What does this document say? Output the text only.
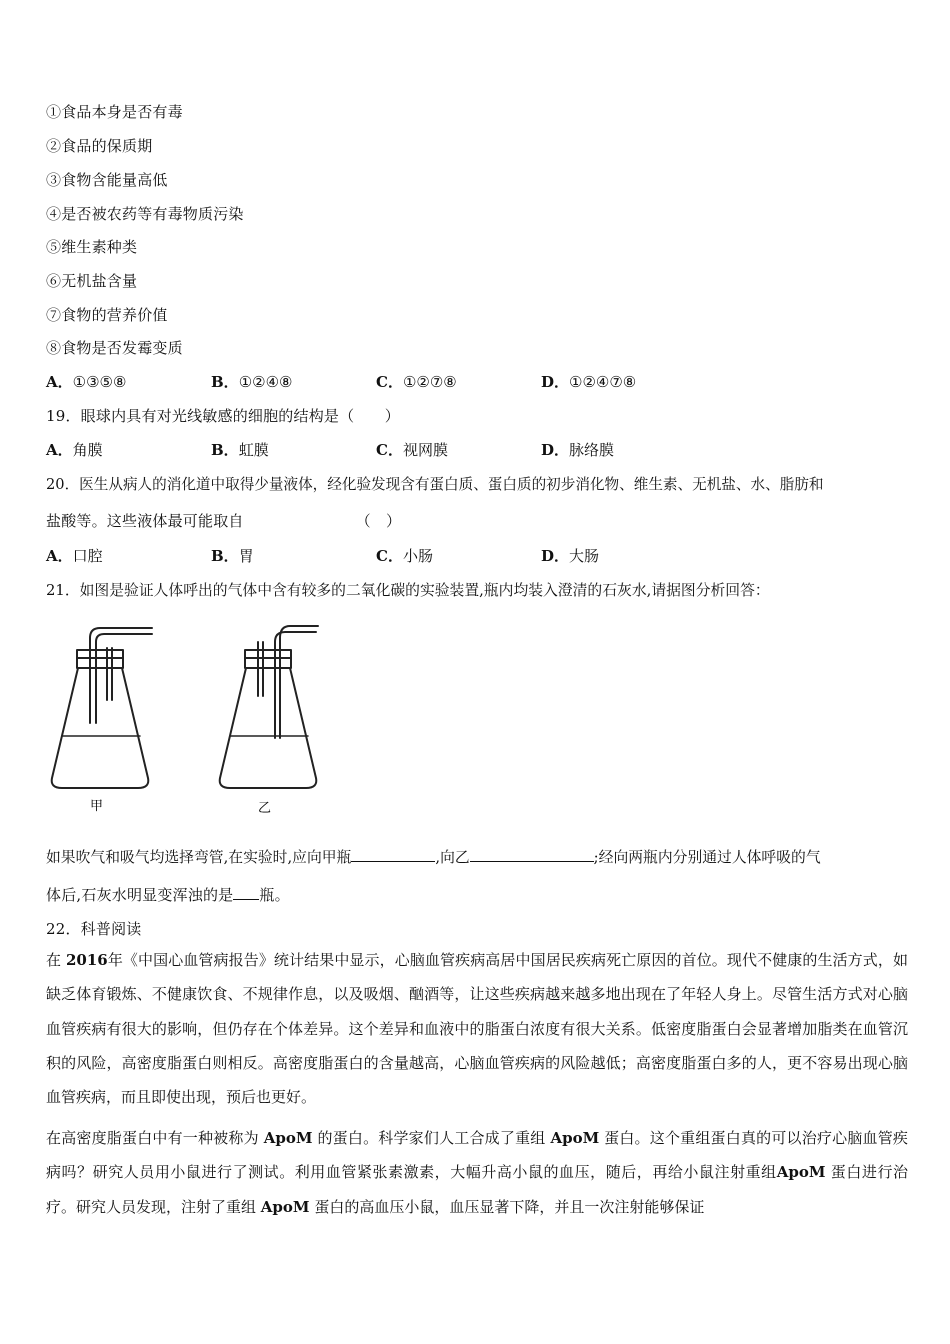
①食品本身是否有毒
②食品的保质期
③食物含能量高低
④是否被农药等有毒物质污染
⑤维生素种类
⑥无机盐含量
⑦食物的营养价值
⑧食物是否发霉变质
A．①③⑤⑧	B．①②④⑧	C．①②⑦⑧	D．①②④⑦⑧
19．眼球内具有对光线敏感的细胞的结构是（　　）
A．角膜	B．虹膜	C．视网膜	D．脉络膜
20．医生从病人的消化道中取得少量液体，经化验发现含有蛋白质、蛋白质的初步消化物、维生素、无机盐、水、脂肪和
盐酸等。这些液体最可能取自	（　）
A．口腔	B．胃	C．小肠	D．大肠
21．如图是验证人体呼出的气体中含有较多的二氧化碳的实验装置,瓶内均装入澄清的石灰水,请据图分析回答：
甲	乙
如果吹气和吸气均选择弯管,在实验时,应向甲瓶	,向乙	;经向两瓶内分别通过人体呼吸的气
体后,石灰水明显变浑浊的是 瓶。
22．科普阅读
在 2016年《中国心血管病报告》统计结果中显示，心脑血管疾病高居中国居民疾病死亡原因的首位。现代不健康的生活方式，如缺乏体育锻炼、不健康饮食、不规律作息，以及吸烟、酗酒等，让这些疾病越来越多地出现在了年轻人身上。尽管生活方式对心脑血管疾病有很大的影响，但仍存在个体差异。这个差异和血液中的脂蛋白浓度有很大关系。低密度脂蛋白会显著增加脂类在血管沉积的风险，高密度脂蛋白则相反。高密度脂蛋白的含量越高，心脑血管疾病的风险越低；高密度脂蛋白多的人，更不容易出现心脑血管疾病，而且即使出现，预后也更好。
在高密度脂蛋白中有一种被称为 ApoM 的蛋白。科学家们人工合成了重组 ApoM 蛋白。这个重组蛋白真的可以治疗心脑血管疾病吗？研究人员用小鼠进行了测试。利用血管紧张素激素，大幅升高小鼠的血压，随后，再给小鼠注射重组ApoM 蛋白进行治疗。研究人员发现，注射了重组 ApoM 蛋白的高血压小鼠，血压显著下降，并且一次注射能够保证
